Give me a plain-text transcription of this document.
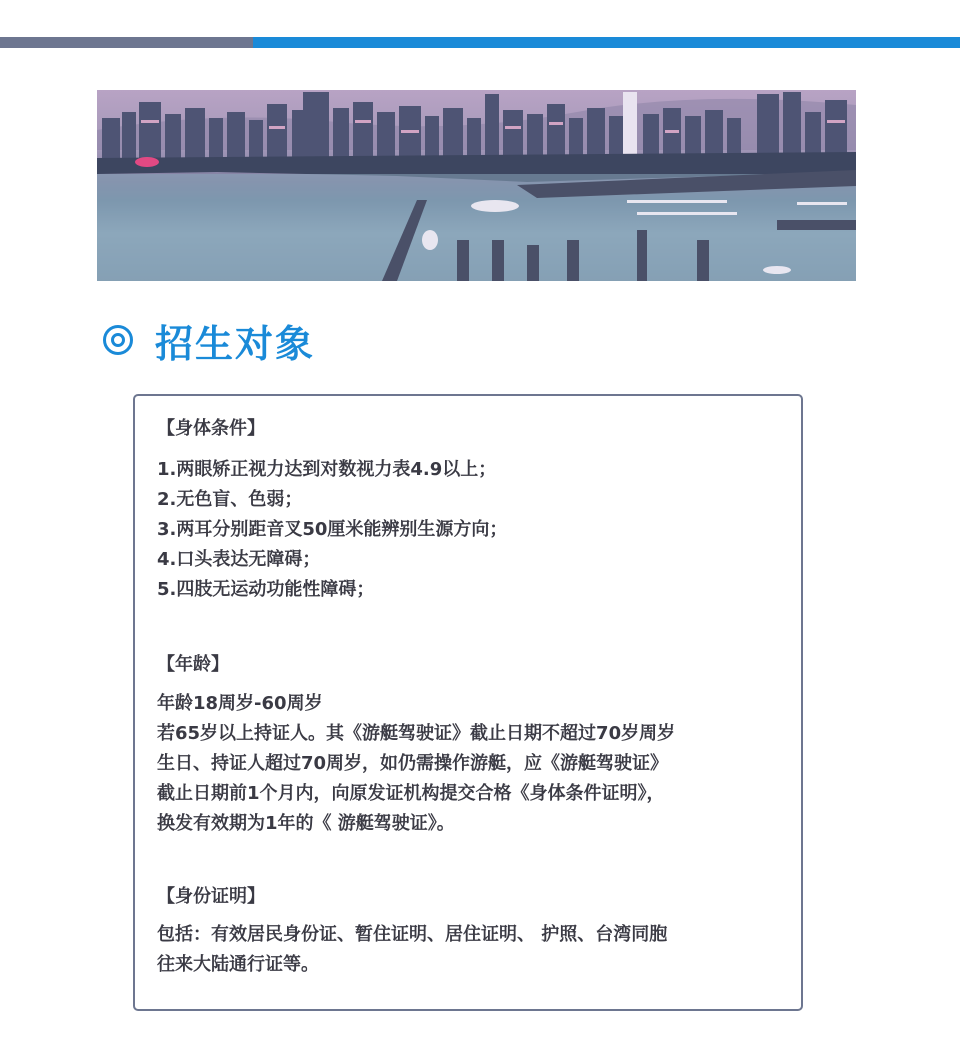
招生对象
【身体条件】
1.两眼矫正视力达到对数视力表4.9以上；
2.无色盲、色弱；
3.两耳分别距音叉50厘米能辨别生源方向；
4.口头表达无障碍；
5.四肢无运动功能性障碍；
【年龄】
年龄18周岁-60周岁
若65岁以上持证人。其《游艇驾驶证》截止日期不超过70岁周岁
生日、持证人超过70周岁，如仍需操作游艇，应《游艇驾驶证》
截止日期前1个月内，向原发证机构提交合格《身体条件证明》，
换发有效期为1年的《 游艇驾驶证》。
【身份证明】
包括：有效居民身份证、暂住证明、居住证明、 护照、台湾同胞
往来大陆通行证等。
